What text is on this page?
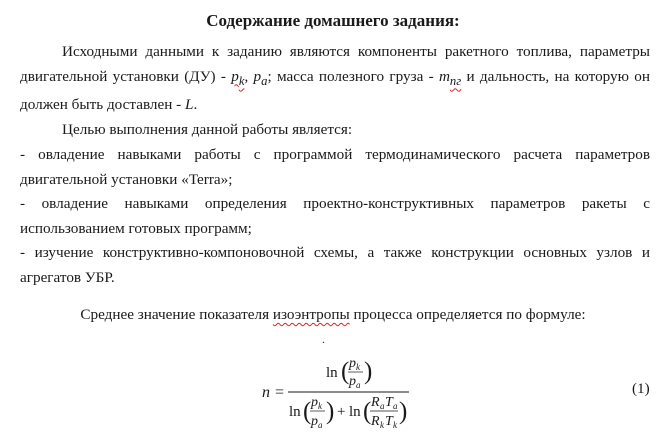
Содержание домашнего задания:
Исходными данными к заданию являются компоненты ракетного топлива, параметры двигательной установки $(ДУ) - p_k$, $p_a$; масса полезного груза - $m_{пг}$ и дальность, на которую он должен быть доставлен - L.
Целью выполнения данной работы является:
- овладение навыками работы с программой термодинамического расчета параметров двигательной установки «Terra»;
- овладение навыками определения проектно-конструктивных параметров ракеты с использованием готовых программ;
- изучение конструктивно-компоновочной схемы, а также конструкции основных узлов и агрегатов УБР.
Среднее значение показателя изоэнтропы процесса определяется по формуле:
.
n =
ln ( p k
p a )
ln ( p k
p a ) + ln ( R a T a
R k T k )
(1)
